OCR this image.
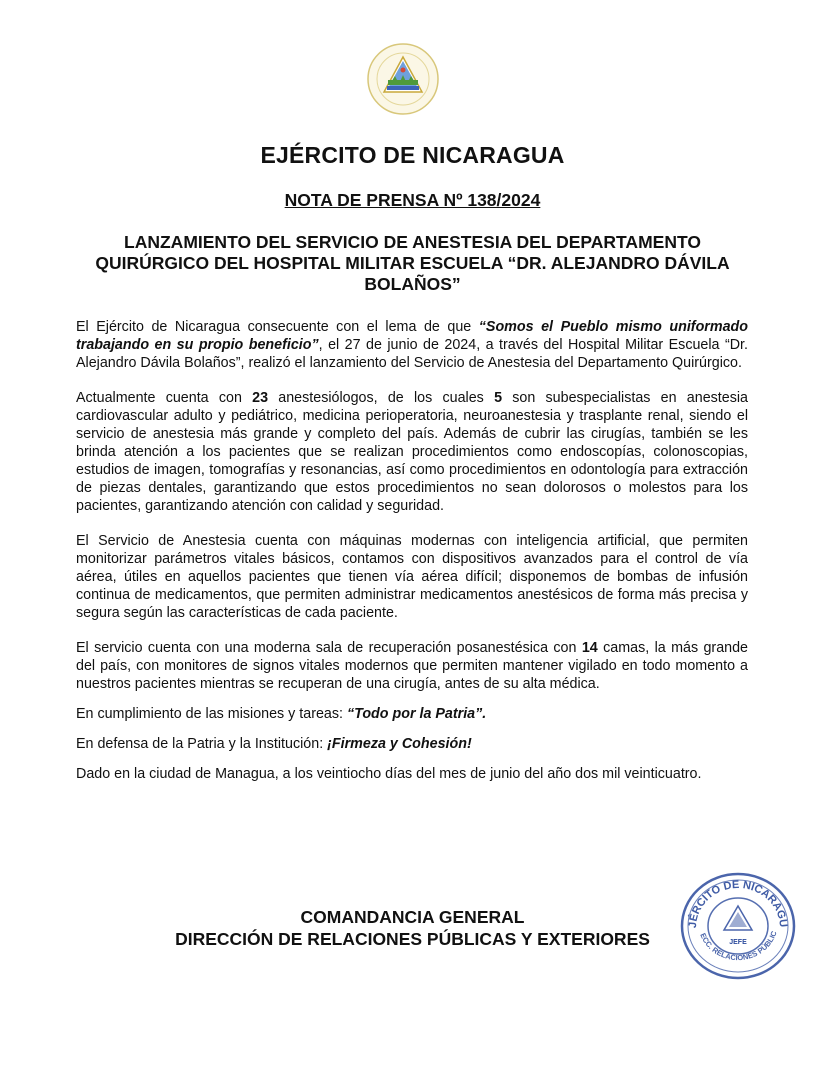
EJÉRCITO DE NICARAGUA
NOTA DE PRENSA Nº 138/2024
LANZAMIENTO DEL SERVICIO DE ANESTESIA DEL DEPARTAMENTO QUIRÚRGICO DEL HOSPITAL MILITAR ESCUELA “DR. ALEJANDRO DÁVILA BOLAÑOS”

El Ejército de Nicaragua consecuente con el lema de que “Somos el Pueblo mismo uniformado trabajando en su propio beneficio”, el 27 de junio de 2024, a través del Hospital Militar Escuela “Dr. Alejandro Dávila Bolaños”, realizó el lanzamiento del Servicio de Anestesia del Departamento Quirúrgico.

Actualmente cuenta con 23 anestesiólogos, de los cuales 5 son subespecialistas en anestesia cardiovascular adulto y pediátrico, medicina perioperatoria, neuroanestesia y trasplante renal, siendo el servicio de anestesia más grande y completo del país. Además de cubrir las cirugías, también se les brinda atención a los pacientes que se realizan procedimientos como endoscopías, colonoscopias, estudios de imagen, tomografías y resonancias, así como procedimientos en odontología para extracción de piezas dentales, garantizando que estos procedimientos no sean dolorosos o molestos para los pacientes, garantizando atención con calidad y seguridad.

El Servicio de Anestesia cuenta con máquinas modernas con inteligencia artificial, que permiten monitorizar parámetros vitales básicos, contamos con dispositivos avanzados para el control de vía aérea, útiles en aquellos pacientes que tienen vía aérea difícil; disponemos de bombas de infusión continua de medicamentos, que permiten administrar medicamentos anestésicos de forma más precisa y segura según las características de cada paciente.

El servicio cuenta con una moderna sala de recuperación posanestésica con 14 camas, la más grande del país, con monitores de signos vitales modernos que permiten mantener vigilado en todo momento a nuestros pacientes mientras se recuperan de una cirugía, antes de su alta médica.

En cumplimiento de las misiones y tareas: “Todo por la Patria”.

En defensa de la Patria y la Institución: ¡Firmeza y Cohesión!

Dado en la ciudad de Managua, a los veintiocho días del mes de junio del año dos mil veinticuatro.

COMANDANCIA GENERAL
DIRECCIÓN DE RELACIONES PÚBLICAS Y EXTERIORES
JÉRCITO DE NICARAGU
ECC. RELACIONES PÚBLIC
JEFE
